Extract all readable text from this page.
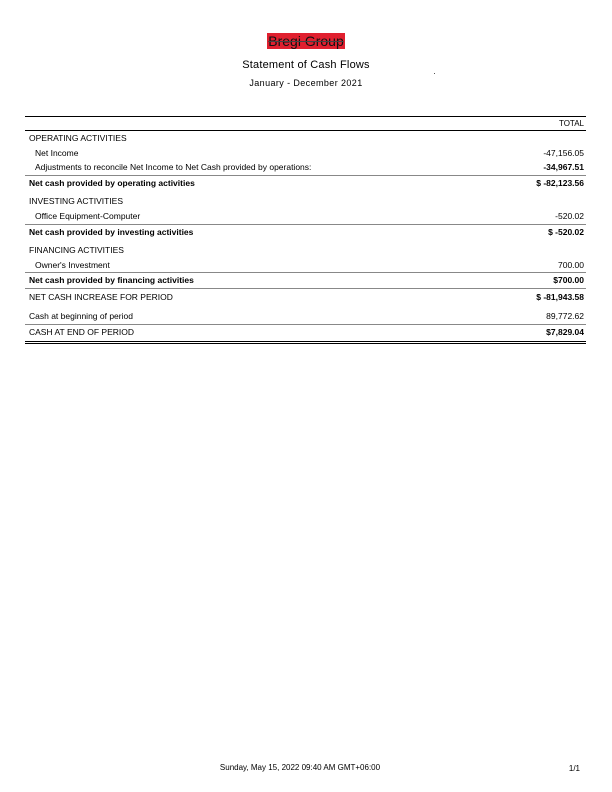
Bregi Group
Statement of Cash Flows
January - December 2021
TOTAL
OPERATING ACTIVITIES
Net Income	-47,156.05
Adjustments to reconcile Net Income to Net Cash provided by operations:	-34,967.51
Net cash provided by operating activities	$ -82,123.56
INVESTING ACTIVITIES
Office Equipment-Computer	-520.02
Net cash provided by investing activities	$ -520.02
FINANCING ACTIVITIES
Owner's Investment	700.00
Net cash provided by financing activities	$700.00
NET CASH INCREASE FOR PERIOD	$ -81,943.58
Cash at beginning of period	89,772.62
CASH AT END OF PERIOD	$7,829.04
Sunday, May 15, 2022 09:40 AM GMT+06:00	1/1
